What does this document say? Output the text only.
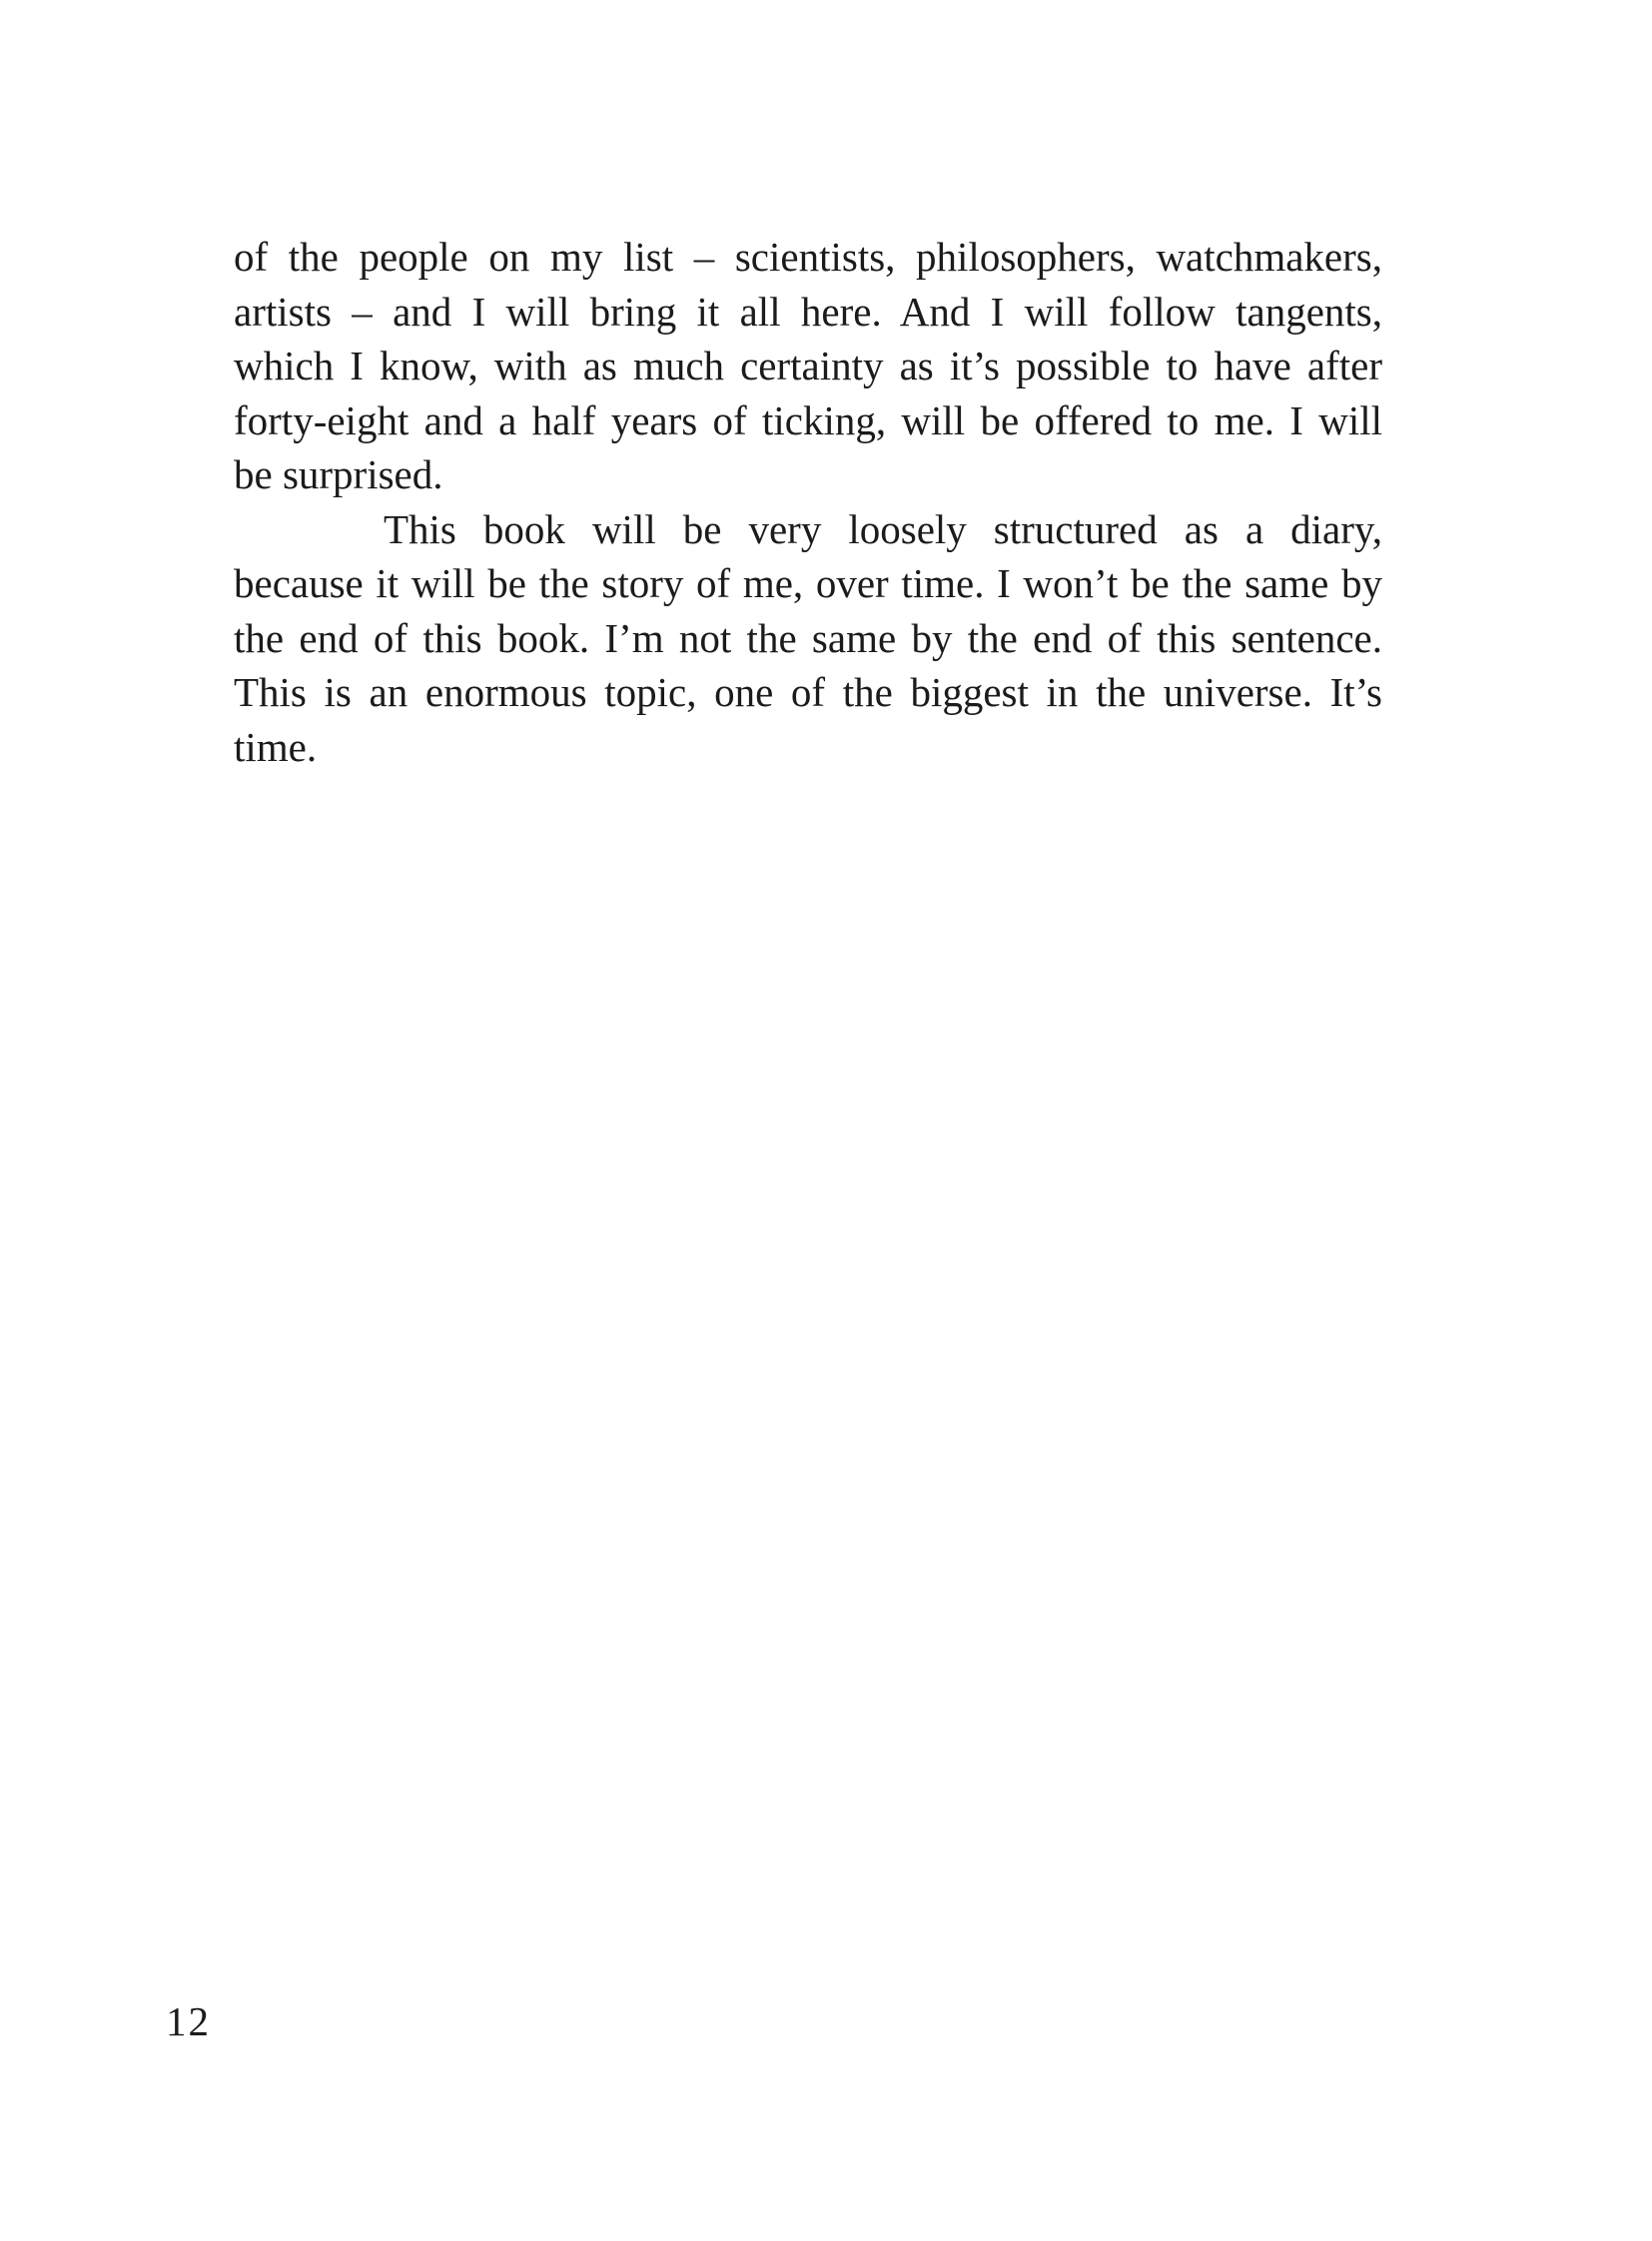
of the people on my list – scientists, philosophers, watchmakers,
artists – and I will bring it all here. And I will follow tangents,
which I know, with as much certainty as it’s possible to have after
forty-eight and a half years of ticking, will be offered to me. I will
be surprised.
This book will be very loosely structured as a diary,
because it will be the story of me, over time. I won’t be the same by
the end of this book. I’m not the same by the end of this sentence.
This is an enormous topic, one of the biggest in the universe. It’s
time.
12
